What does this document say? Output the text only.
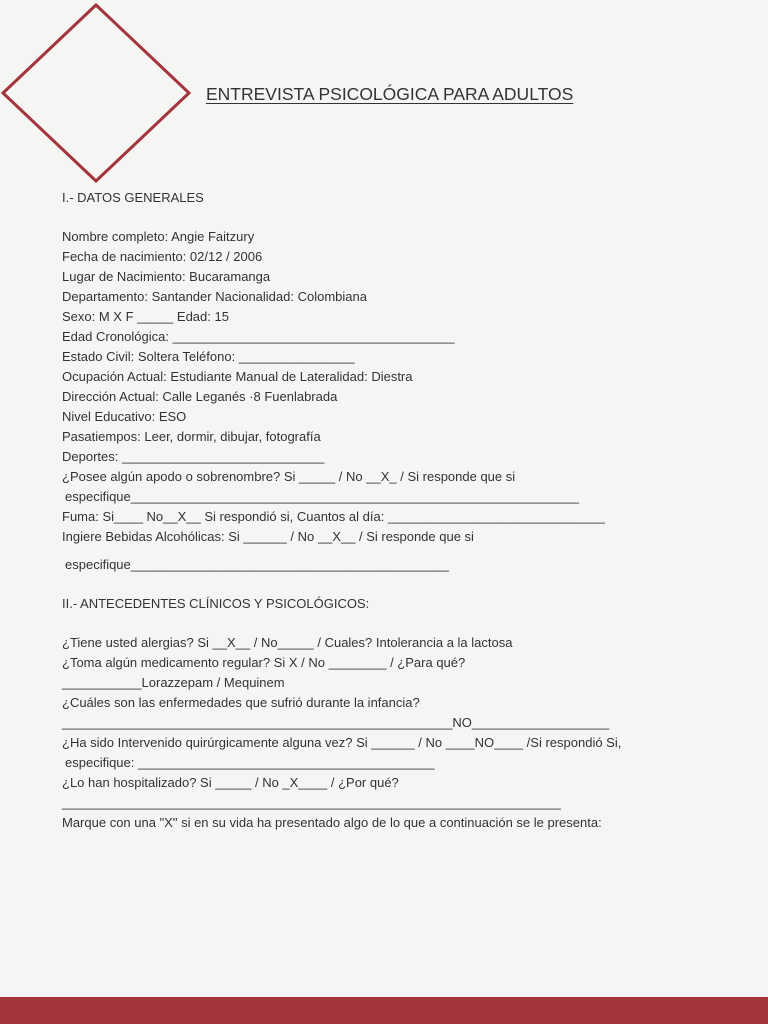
ENTREVISTA PSICOLÓGICA PARA ADULTOS
I.- DATOS GENERALES
Nombre completo: Angie Faitzury
Fecha de nacimiento: 02/12 / 2006
Lugar de Nacimiento: Bucaramanga
Departamento: Santander Nacionalidad: Colombiana
Sexo: M X F _____ Edad: 15
Edad Cronológica: _______________________________________
Estado Civil: Soltera Teléfono: ________________
Ocupación Actual: Estudiante Manual de Lateralidad: Diestra
Dirección Actual: Calle Leganés ·8 Fuenlabrada
Nivel Educativo: ESO
Pasatiempos: Leer, dormir, dibujar, fotografía
Deportes: ____________________________
¿Posee algún apodo o sobrenombre? Si _____ / No __X_ / Si responde que si
especifique______________________________________________________________
Fuma: Si____ No__X__ Si respondió si, Cuantos al día: ______________________________
Ingiere Bebidas Alcohólicas: Si ______ / No __X__ / Si responde que si
especifique____________________________________________
II.- ANTECEDENTES CLÍNICOS Y PSICOLÓGICOS:
¿Tiene usted alergias? Si __X__ / No_____ / Cuales? Intolerancia a la lactosa
¿Toma algún medicamento regular? Si X / No ________ / ¿Para qué?
___________Lorazzepam / Mequinem
¿Cuáles son las enfermedades que sufrió durante la infancia?
______________________________________________________NO___________________
¿Ha sido Intervenido quirúrgicamente alguna vez? Si ______ / No ____NO____ /Si respondió Si,
especifique: _________________________________________
¿Lo han hospitalizado? Si _____ / No _X____ / ¿Por qué?
_____________________________________________________________________
Marque con una "X" si en su vida ha presentado algo de lo que a continuación se le presenta:
